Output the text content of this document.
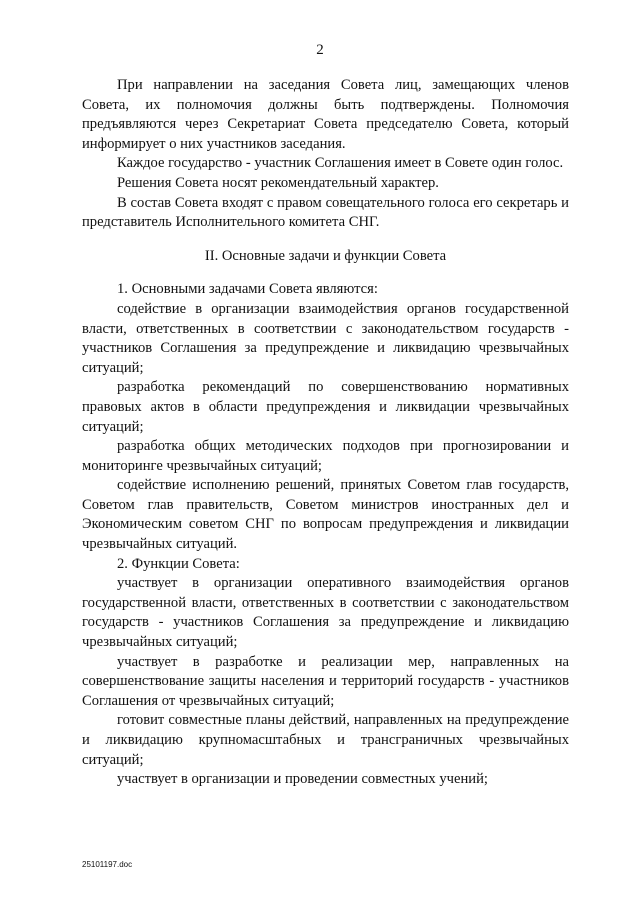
2

При направлении на заседания Совета лиц, замещающих членов Совета, их полномочия должны быть подтверждены. Полномочия предъявляются через Секретариат Совета председателю Совета, который информирует о них участников заседания.

Каждое государство - участник Соглашения имеет в Совете один голос.

Решения Совета носят рекомендательный характер.

В состав Совета входят с правом совещательного голоса его секретарь и представитель Исполнительного комитета СНГ.

II. Основные задачи и функции Совета

1. Основными задачами Совета являются:

содействие в организации взаимодействия органов государственной власти, ответственных в соответствии с законодательством государств - участников Соглашения за предупреждение и ликвидацию чрезвычайных ситуаций;

разработка рекомендаций по совершенствованию нормативных правовых актов в области предупреждения и ликвидации чрезвычайных ситуаций;

разработка общих методических подходов при прогнозировании и мониторинге чрезвычайных ситуаций;

содействие исполнению решений, принятых Советом глав государств, Советом глав правительств, Советом министров иностранных дел и Экономическим советом СНГ по вопросам предупреждения и ликвидации чрезвычайных ситуаций.

2. Функции Совета:

участвует в организации оперативного взаимодействия органов государственной власти, ответственных в соответствии с законодательством государств - участников Соглашения за предупреждение и ликвидацию чрезвычайных ситуаций;

участвует в разработке и реализации мер, направленных на совершенствование защиты населения и территорий государств - участников Соглашения от чрезвычайных ситуаций;

готовит совместные планы действий, направленных на предупреждение и ликвидацию крупномасштабных и трансграничных чрезвычайных ситуаций;

участвует в организации и проведении совместных учений;

25101197.doc
